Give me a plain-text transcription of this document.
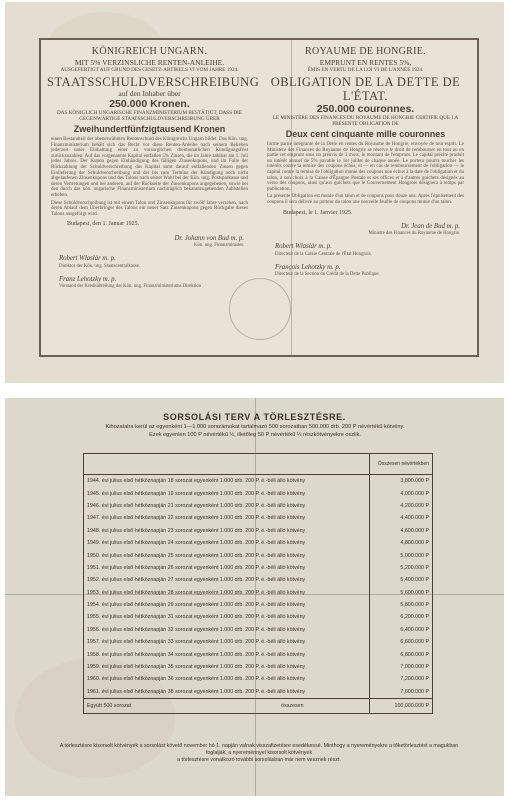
KÖNIGREICH UNGARN.
MIT 5% VERZINSLICHE RENTEN-ANLEIHE.
AUSGEFERTIGT AUF GRUND DES GESETZ-ARTIKELS VI VOM JAHRE 1924.
STAATSSCHULDVERSCHREIBUNG
auf den Inhaber über
250.000 Kronen.
DAS KÖNIGLICH UNGARISCHE FINANZMINISTERIUM BESTÄTIGT, DASS DIE GEGENWÄRTIGE STAATSSCHULDVERSCHREIBUNG ÜBER
Zweihundertfünfzigtausend Kronen
einen Bestandteil der obenerwähnten Rentenschuld des Königreichs Ungarn bildet. Das Kön. ung. Finanzministerium behält sich das Recht vor diese Renten-Anleihe nach seinem Belieben jederzeit unter Einhaltung einer zu vorsorglichen dreimonatlichen Kündigungsfrist zurückzuzahlen. Auf das vorgenannte Kapital entfallen 5% Zinsen, die im Jahre zahlbar am 1. Juli jedes Jahres. Der Kupon gegen Einhändigung des fälligen Zinsenkupons, und im Falle der Rückzahlung der Schuldverschreibung das Kapital samt darauf entfallenden Zinsen gegen Einlieferung der Schuldverschreibung und der bis zum Termine der Kündigung noch nicht abgelaufenen Zinsenkupons und des Talons nach seiner Wahl bei der Kön. ung. Postsparkasse und deren Vertretungen und bei anderen, auf der Rückseite der Zinsenkupons angegebenen, sowie bei den durch das kön. ungarische Finanzministerium nachträglich bekanntzugebenden Zahlstellen erheben.
Diese Schuldverschreibung ist mit einem Talon und Zinsenkupons für zwölf Jahre versehen, nach deren Ablauf dem Überbringer des Talons ein neuer Satz Zinsenkupons gegen Rückgabe dieses Talons ausgefolgt wird.
Budapest, den 1. Januar 1925.
Dr. Johann von Bud m. p.
Kön. ung. Finanzminister.
Robert Wlaslár m. p.
Direktor der Kön. ung. Staatscentralkasse.
Franz Lehotzky m. p.
Vorstand der Kreditabteilung der Kön. ung. Finanzministeriums Direktion
ROYAUME DE HONGRIE.
EMPRUNT EN RENTES 5%,
ÉMIS EN VERTU DE LA LOI VI DE L'ANNÉE 1924.
OBLIGATION DE LA DETTE DE L'ÉTAT.
250.000 couronnes.
LE MINISTÈRE DES FINANCES DU ROYAUME DE HONGRIE CERTIFIE QUE LA PRÉSENTE OBLIGATION DE
Deux cent cinquante mille couronnes
forme partie intégrante de la Dette en rentes du Royaume de Hongrie, envoyée de tout esprit. Le Ministère des Finances du Royaume de Hongrie se réserve le droit de rembourser en tout ou en partie cet emprunt sous un préavis de 3 mois, le montant de l'emprunt. Le capital précité produit un intérêt annuel de 5% payable le 1er juillet de chaque année. Le porteur pourra toucher les intérêts contre la remise des coupons échus, et — en cas de remboursement de l'obligation — le capital contre la remise de l'obligation munie des coupons non échus à la date de l'obligation et du talon, à son choix à la Caisse d'Épargne Postale et ses offices et à d'autres guichets désignés au verso des coupons, ainsi qu'aux guichets que le Gouvernement Hongrois désignera à temps par publication.
La présente Obligation est munie d'un talon et de coupons pour douze ans. Après l'épuisement des coupons il sera délivré au porteur du talon une nouvelle feuille de coupons munie d'un talon.
Budapest, le 1. Janvier 1925.
Dr. Jean de Bud m. p.
Ministre des Finances du Royaume de Hongrie.
Robert Wlaslár m. p.
Directeur de la Caisse Centrale de l'État Hongrois.
François Lehotzky m. p.
Directeur de la Section du Crédit de la Dette Publique.
SORSOLÁSI TERV A TÖRLESZTÉSRE.
Kihozatalra kerül az egyenként 1—1.000 sorszámokat tartalmazó 500 sorozatban 500.000 drb. 200 P névértékű kötvény.
Ezek egyenlen 100 P névértékű ½, illetőleg 50 P névértékű ¼ részkötvényekre oszlik.
	Összesen névértékben
1944. évi julius első hétköznapján 18 sorozat egyenként 1.000 drb. 200 P. é.-béli álló kötvény	3,800.000 P
1945. évi julius első hétköznapján 19 sorozat egyenként 1.000 drb. 200 P. é.-béli álló kötvény	4,000.000 P
1946. évi julius első hétköznapján 21 sorozat egyenként 1.000 drb. 200 P. é.-béli álló kötvény	4,200.000 P
1947. évi julius első hétköznapján 22 sorozat egyenként 1.000 drb. 200 P. é.-béli álló kötvény	4,400.000 P
1948. évi julius első hétköznapján 23 sorozat egyenként 1.000 drb. 200 P. é.-béli álló kötvény	4,600.000 P
1949. évi julius első hétköznapján 24 sorozat egyenként 1.000 drb. 200 P. é.-béli álló kötvény	4,800.000 P
1950. évi julius első hétköznapján 25 sorozat egyenként 1.000 drb. 200 P. é.-béli álló kötvény	5,000.000 P
1951. évi julius első hétköznapján 26 sorozat egyenként 1.000 drb. 200 P. é.-béli álló kötvény	5,200.000 P
1952. évi julius első hétköznapján 27 sorozat egyenként 1.000 drb. 200 P. é.-béli álló kötvény	5,400.000 P
1953. évi julius első hétköznapján 28 sorozat egyenként 1.000 drb. 200 P. é.-béli álló kötvény	5,600.000 P
1954. évi julius első hétköznapján 29 sorozat egyenként 1.000 drb. 200 P. é.-béli álló kötvény	5,800.000 P
1955. évi julius első hétköznapján 31 sorozat egyenként 1.000 drb. 200 P. é.-béli álló kötvény	6,200.000 P
1956. évi julius első hétköznapján 32 sorozat egyenként 1.000 drb. 200 P. é.-béli álló kötvény	6,400.000 P
1957. évi julius első hétköznapján 33 sorozat egyenként 1.000 drb. 200 P. é.-béli álló kötvény	6,600.000 P
1958. évi julius első hétköznapján 34 sorozat egyenként 1.000 drb. 200 P. é.-béli álló kötvény	6,800.000 P
1959. évi julius első hétköznapján 35 sorozat egyenként 1.000 drb. 200 P. é.-béli álló kötvény	7,000.000 P
1960. évi julius első hétköznapján 36 sorozat egyenként 1.000 drb. 200 P. é.-béli álló kötvény	7,200.000 P
1961. évi julius első hétköznapján 38 sorozat egyenként 1.000 drb. 200 P. é.-béli álló kötvény	7,600.000 P
Együtt 500 sorozat összesen	100,000.000 P
A törlesztésre kisorsolt kötvények a sorsolást követő november hó 1. napján valnak visszafizetésre esedékessé. Minthogy a nyereményekre a tőketörlesztést a magukban foglalják, a nyereménnyel kisorsolt kötvények
a törlesztésre vonatkozó további sorsolásban már nem vesznek részt.
